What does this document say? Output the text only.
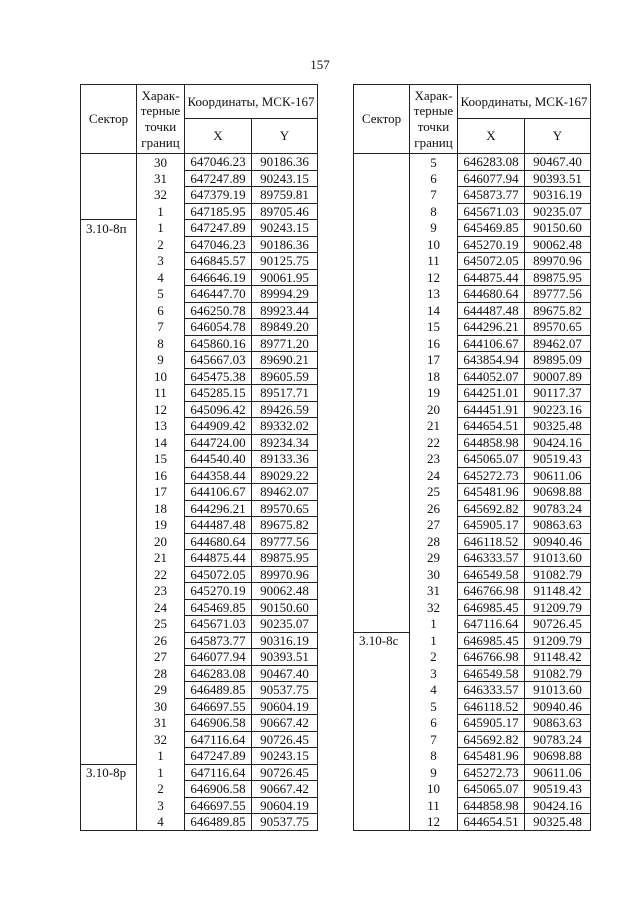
157
Сектор	Харак-терные точки границ	Координаты, МСК-167	
		X	Y
	30	647046.23	90186.36
	31	647247.89	90243.15
	32	647379.19	89759.81
	1	647185.95	89705.46
3.10-8п	1	647247.89	90243.15
	2	647046.23	90186.36
	3	646845.57	90125.75
	4	646646.19	90061.95
	5	646447.70	89994.29
	6	646250.78	89923.44
	7	646054.78	89849.20
	8	645860.16	89771.20
	9	645667.03	89690.21
	10	645475.38	89605.59
	11	645285.15	89517.71
	12	645096.42	89426.59
	13	644909.42	89332.02
	14	644724.00	89234.34
	15	644540.40	89133.36
	16	644358.44	89029.22
	17	644106.67	89462.07
	18	644296.21	89570.65
	19	644487.48	89675.82
	20	644680.64	89777.56
	21	644875.44	89875.95
	22	645072.05	89970.96
	23	645270.19	90062.48
	24	645469.85	90150.60
	25	645671.03	90235.07
	26	645873.77	90316.19
	27	646077.94	90393.51
	28	646283.08	90467.40
	29	646489.85	90537.75
	30	646697.55	90604.19
	31	646906.58	90667.42
	32	647116.64	90726.45
	1	647247.89	90243.15
3.10-8р	1	647116.64	90726.45
	2	646906.58	90667.42
	3	646697.55	90604.19
	4	646489.85	90537.75
Сектор	Харак-терные точки границ	Координаты, МСК-167	
		X	Y
	5	646283.08	90467.40
	6	646077.94	90393.51
	7	645873.77	90316.19
	8	645671.03	90235.07
	9	645469.85	90150.60
	10	645270.19	90062.48
	11	645072.05	89970.96
	12	644875.44	89875.95
	13	644680.64	89777.56
	14	644487.48	89675.82
	15	644296.21	89570.65
	16	644106.67	89462.07
	17	643854.94	89895.09
	18	644052.07	90007.89
	19	644251.01	90117.37
	20	644451.91	90223.16
	21	644654.51	90325.48
	22	644858.98	90424.16
	23	645065.07	90519.43
	24	645272.73	90611.06
	25	645481.96	90698.88
	26	645692.82	90783.24
	27	645905.17	90863.63
	28	646118.52	90940.46
	29	646333.57	91013.60
	30	646549.58	91082.79
	31	646766.98	91148.42
	32	646985.45	91209.79
	1	647116.64	90726.45
3.10-8с	1	646985.45	91209.79
	2	646766.98	91148.42
	3	646549.58	91082.79
	4	646333.57	91013.60
	5	646118.52	90940.46
	6	645905.17	90863.63
	7	645692.82	90783.24
	8	645481.96	90698.88
	9	645272.73	90611.06
	10	645065.07	90519.43
	11	644858.98	90424.16
	12	644654.51	90325.48
